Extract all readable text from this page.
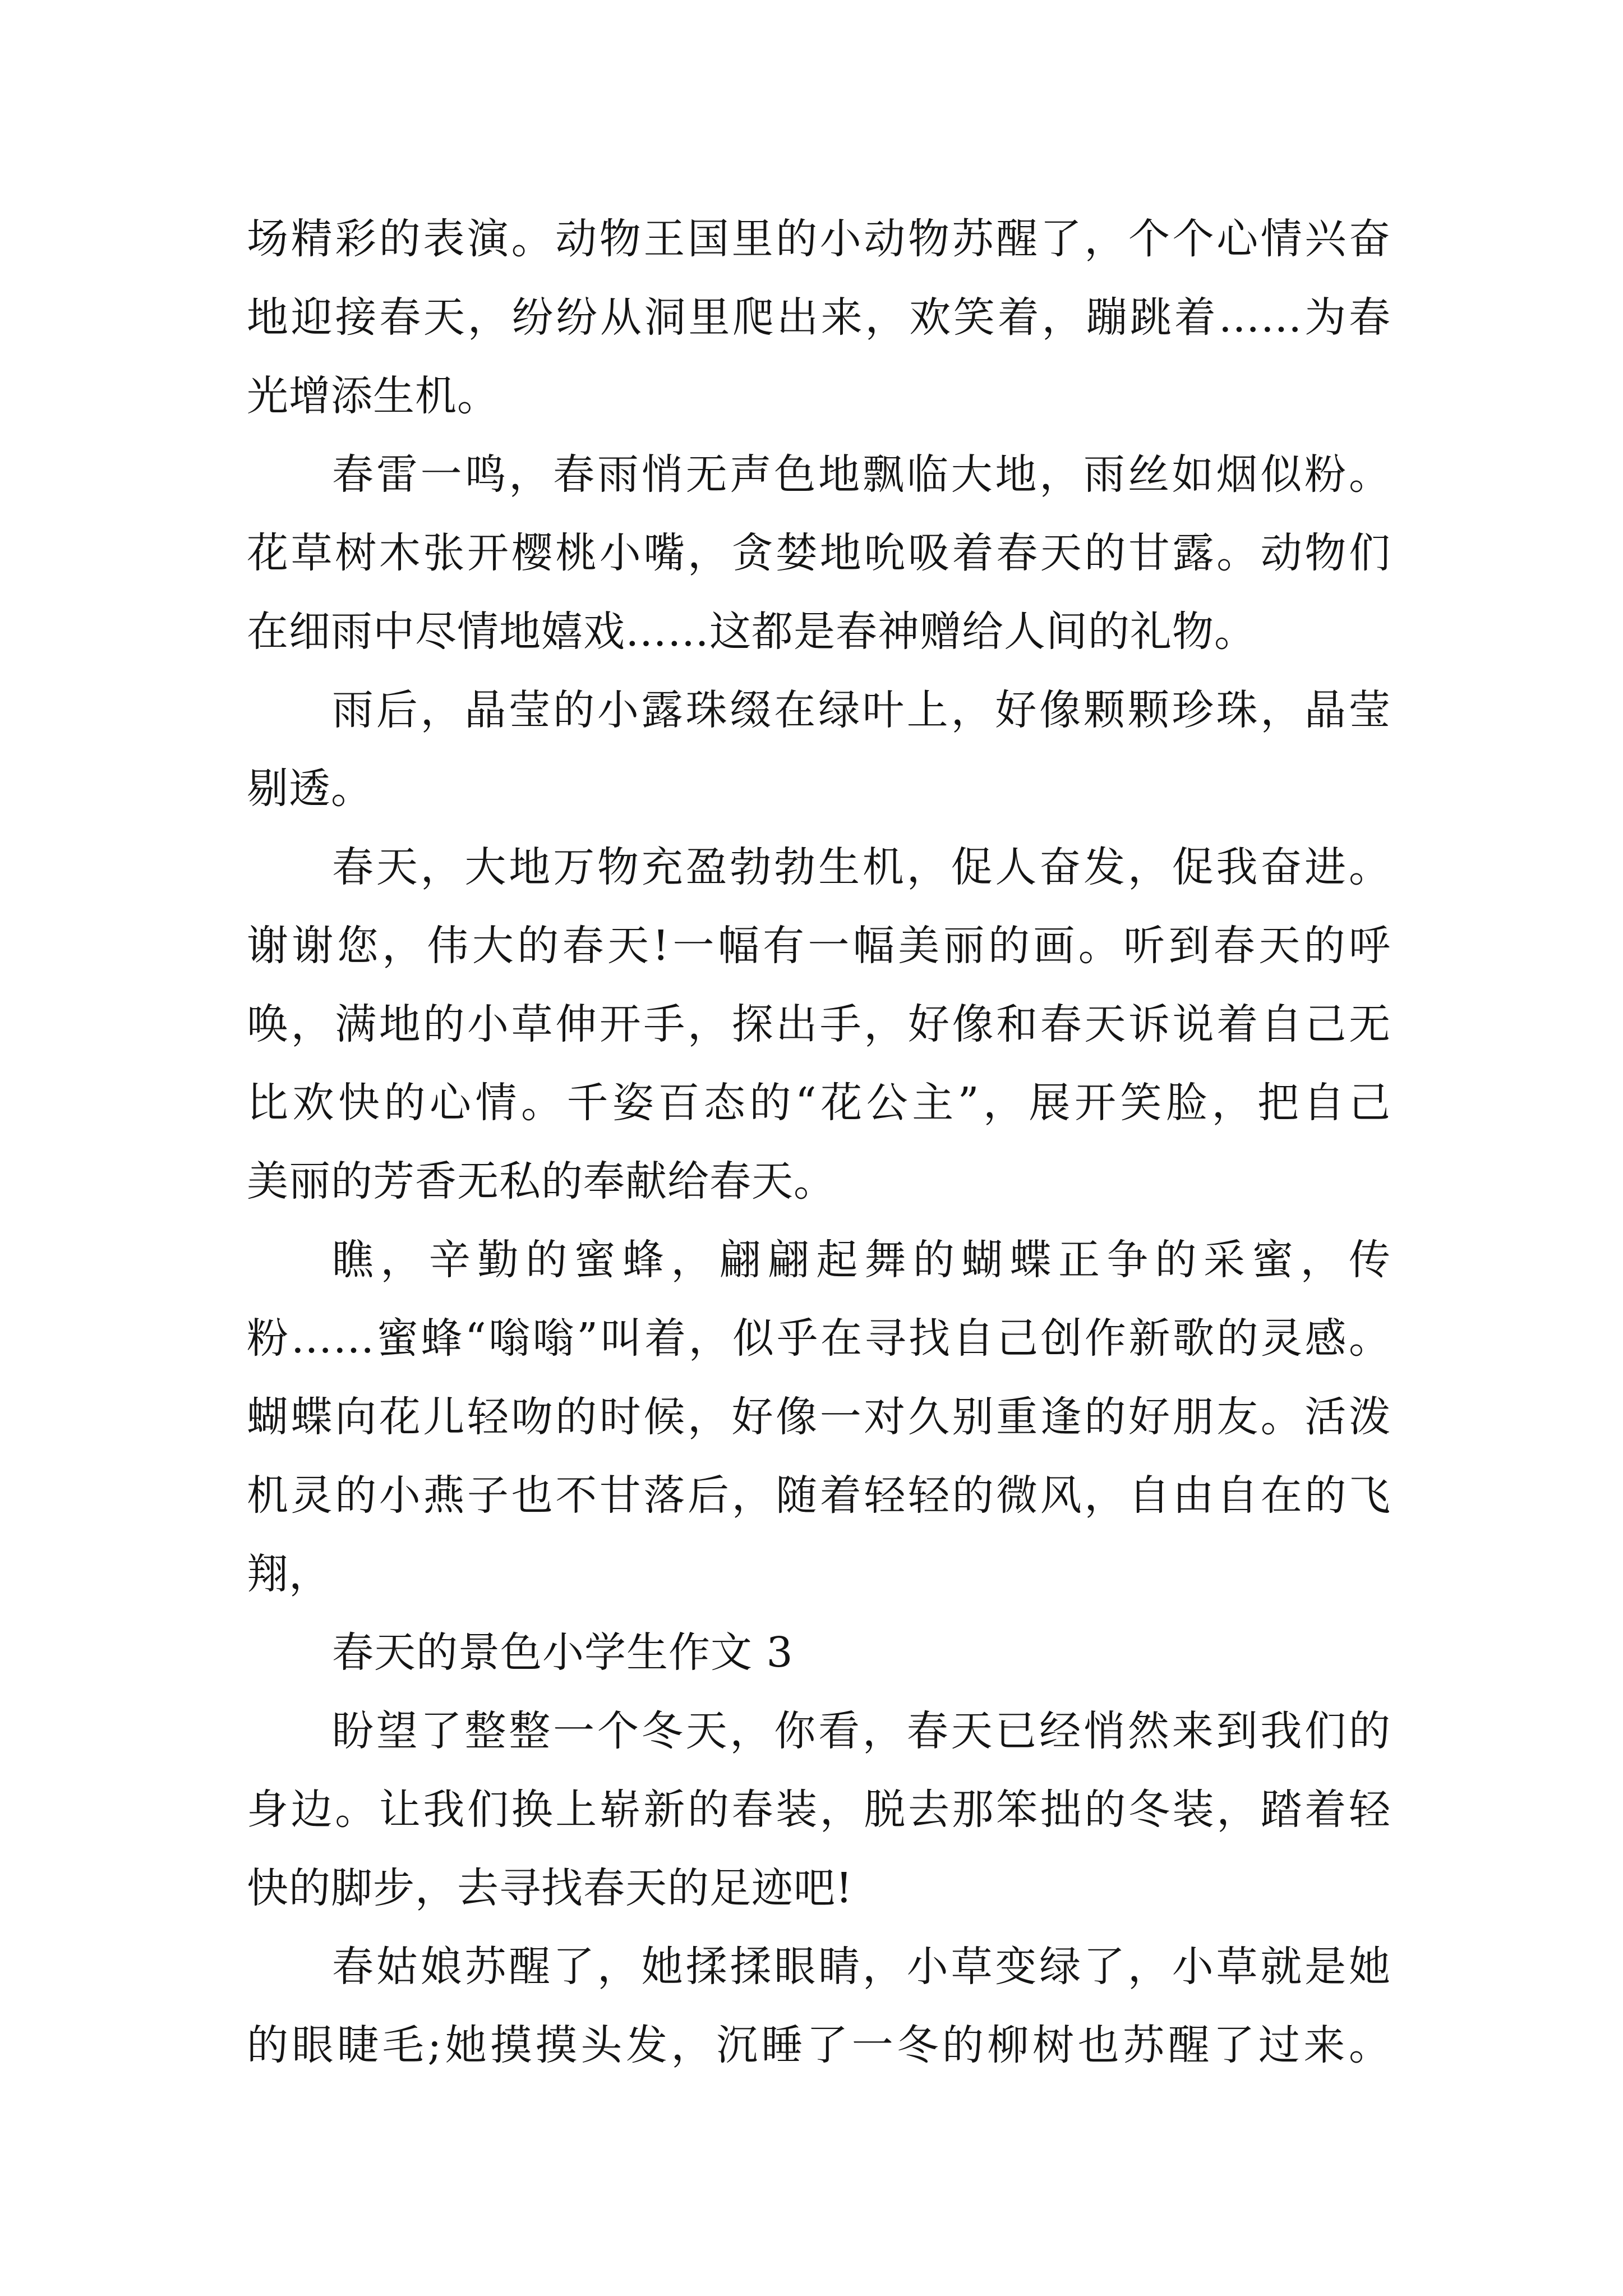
场精彩的表演。动物王国里的小动物苏醒了，个个心情兴奋
地迎接春天，纷纷从洞里爬出来，欢笑着，蹦跳着……为春
光增添生机。
春雷一鸣，春雨悄无声色地飘临大地，雨丝如烟似粉。
花草树木张开樱桃小嘴，贪婪地吮吸着春天的甘露。动物们
在细雨中尽情地嬉戏……这都是春神赠给人间的礼物。
雨后，晶莹的小露珠缀在绿叶上，好像颗颗珍珠，晶莹
剔透。
春天，大地万物充盈勃勃生机，促人奋发，促我奋进。
谢谢您，伟大的春天!一幅有一幅美丽的画。听到春天的呼
唤，满地的小草伸开手，探出手，好像和春天诉说着自己无
比欢快的心情。千姿百态的“花公主”，展开笑脸，把自己
美丽的芳香无私的奉献给春天。
瞧，辛勤的蜜蜂，翩翩起舞的蝴蝶正争的采蜜，传
粉……蜜蜂“嗡嗡”叫着，似乎在寻找自己创作新歌的灵感。
蝴蝶向花儿轻吻的时候，好像一对久别重逢的好朋友。活泼
机灵的小燕子也不甘落后，随着轻轻的微风，自由自在的飞
翔，
春天的景色小学生作文 3
盼望了整整一个冬天，你看，春天已经悄然来到我们的
身边。让我们换上崭新的春装，脱去那笨拙的冬装，踏着轻
快的脚步，去寻找春天的足迹吧!
春姑娘苏醒了，她揉揉眼睛，小草变绿了，小草就是她
的眼睫毛;她摸摸头发，沉睡了一冬的柳树也苏醒了过来。
